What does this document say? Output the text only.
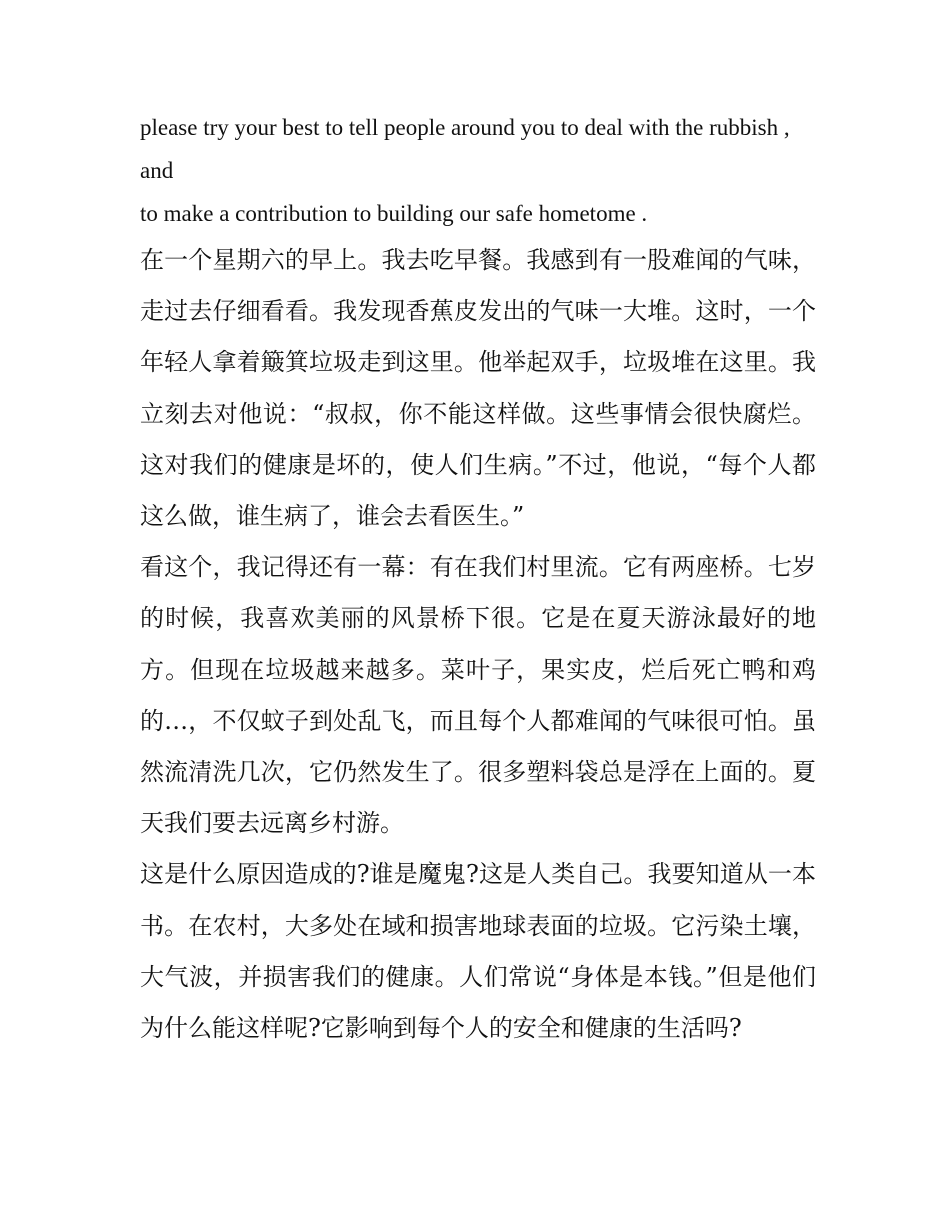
please try your best to tell people around you to deal with the rubbish , and

to make a contribution to building our safe hometome .

在一个星期六的早上。我去吃早餐。我感到有一股难闻的气味，走过去仔细看看。我发现香蕉皮发出的气味一大堆。这时，一个年轻人拿着簸箕垃圾走到这里。他举起双手，垃圾堆在这里。我立刻去对他说：“叔叔，你不能这样做。这些事情会很快腐烂。这对我们的健康是坏的，使人们生病。”不过，他说，“每个人都这么做，谁生病了，谁会去看医生。”

看这个，我记得还有一幕：有在我们村里流。它有两座桥。七岁的时候，我喜欢美丽的风景桥下很。它是在夏天游泳最好的地方。但现在垃圾越来越多。菜叶子，果实皮，烂后死亡鸭和鸡的…，不仅蚊子到处乱飞，而且每个人都难闻的气味很可怕。虽然流清洗几次，它仍然发生了。很多塑料袋总是浮在上面的。夏天我们要去远离乡村游。

这是什么原因造成的?谁是魔鬼?这是人类自己。我要知道从一本书。在农村，大多处在域和损害地球表面的垃圾。它污染土壤，大气波，并损害我们的健康。人们常说“身体是本钱。”但是他们为什么能这样呢?它影响到每个人的安全和健康的生活吗?
